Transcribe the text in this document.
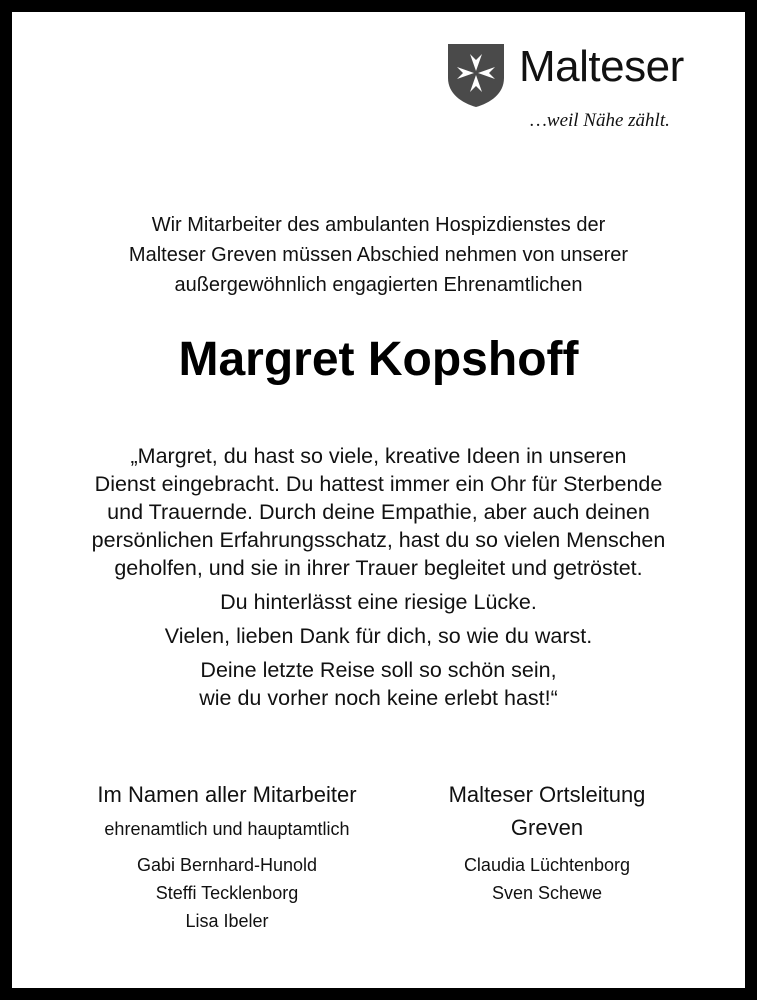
Malteser
…weil Nähe zählt.
Wir Mitarbeiter des ambulanten Hospizdienstes der
Malteser Greven müssen Abschied nehmen von unserer
außergewöhnlich engagierten Ehrenamtlichen
Margret Kopshoff
„Margret, du hast so viele, kreative Ideen in unseren
Dienst eingebracht. Du hattest immer ein Ohr für Sterbende
und Trauernde. Durch deine Empathie, aber auch deinen
persönlichen Erfahrungsschatz, hast du so vielen Menschen
geholfen, und sie in ihrer Trauer begleitet und getröstet.
Du hinterlässt eine riesige Lücke.
Vielen, lieben Dank für dich, so wie du warst.
Deine letzte Reise soll so schön sein,
wie du vorher noch keine erlebt hast!“
Im Namen aller Mitarbeiter
ehrenamtlich und hauptamtlich
Gabi Bernhard-Hunold
Steffi Tecklenborg
Lisa Ibeler
Malteser Ortsleitung
Greven
Claudia Lüchtenborg
Sven Schewe
